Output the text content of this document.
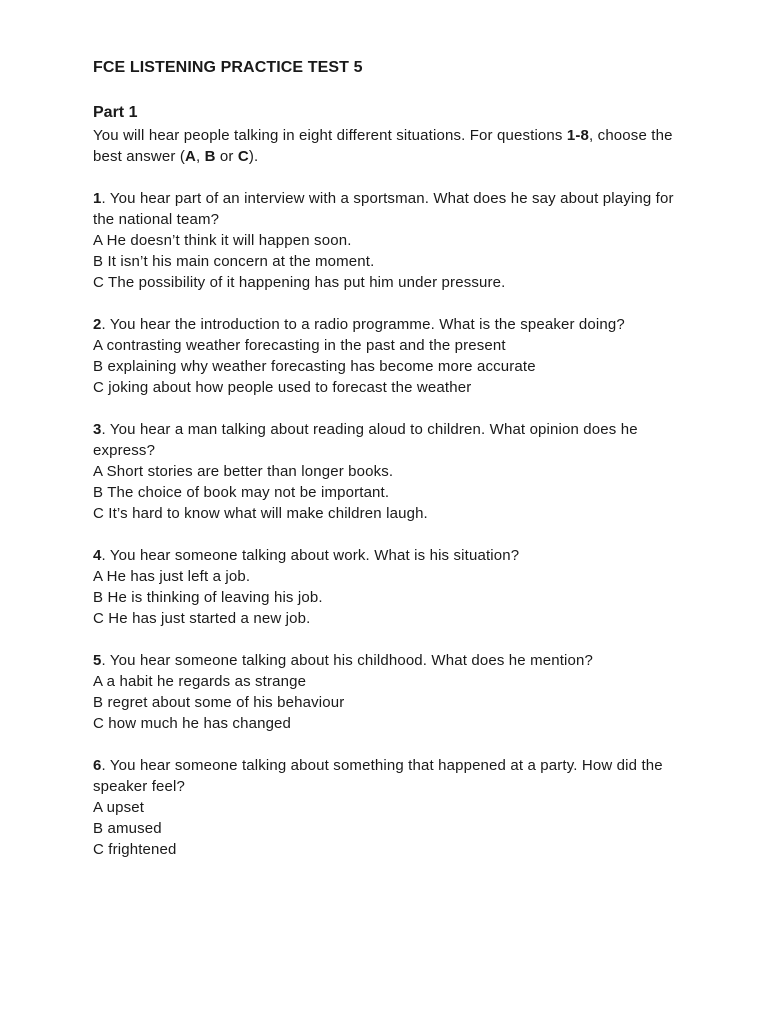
FCE LISTENING PRACTICE TEST 5
Part 1

You will hear people talking in eight different situations. For questions 1-8, choose the best answer (A, B or C).

1. You hear part of an interview with a sportsman. What does he say about playing for the national team?
A He doesn’t think it will happen soon.
B It isn’t his main concern at the moment.
C The possibility of it happening has put him under pressure.
2. You hear the introduction to a radio programme. What is the speaker doing?
A contrasting weather forecasting in the past and the present
B explaining why weather forecasting has become more accurate
C joking about how people used to forecast the weather
3. You hear a man talking about reading aloud to children. What opinion does he express?
A Short stories are better than longer books.
B The choice of book may not be important.
C It’s hard to know what will make children laugh.
4. You hear someone talking about work. What is his situation?
A He has just left a job.
B He is thinking of leaving his job.
C He has just started a new job.
5. You hear someone talking about his childhood. What does he mention?
A a habit he regards as strange
B regret about some of his behaviour
C how much he has changed
6. You hear someone talking about something that happened at a party. How did the speaker feel?
A upset
B amused
C frightened
